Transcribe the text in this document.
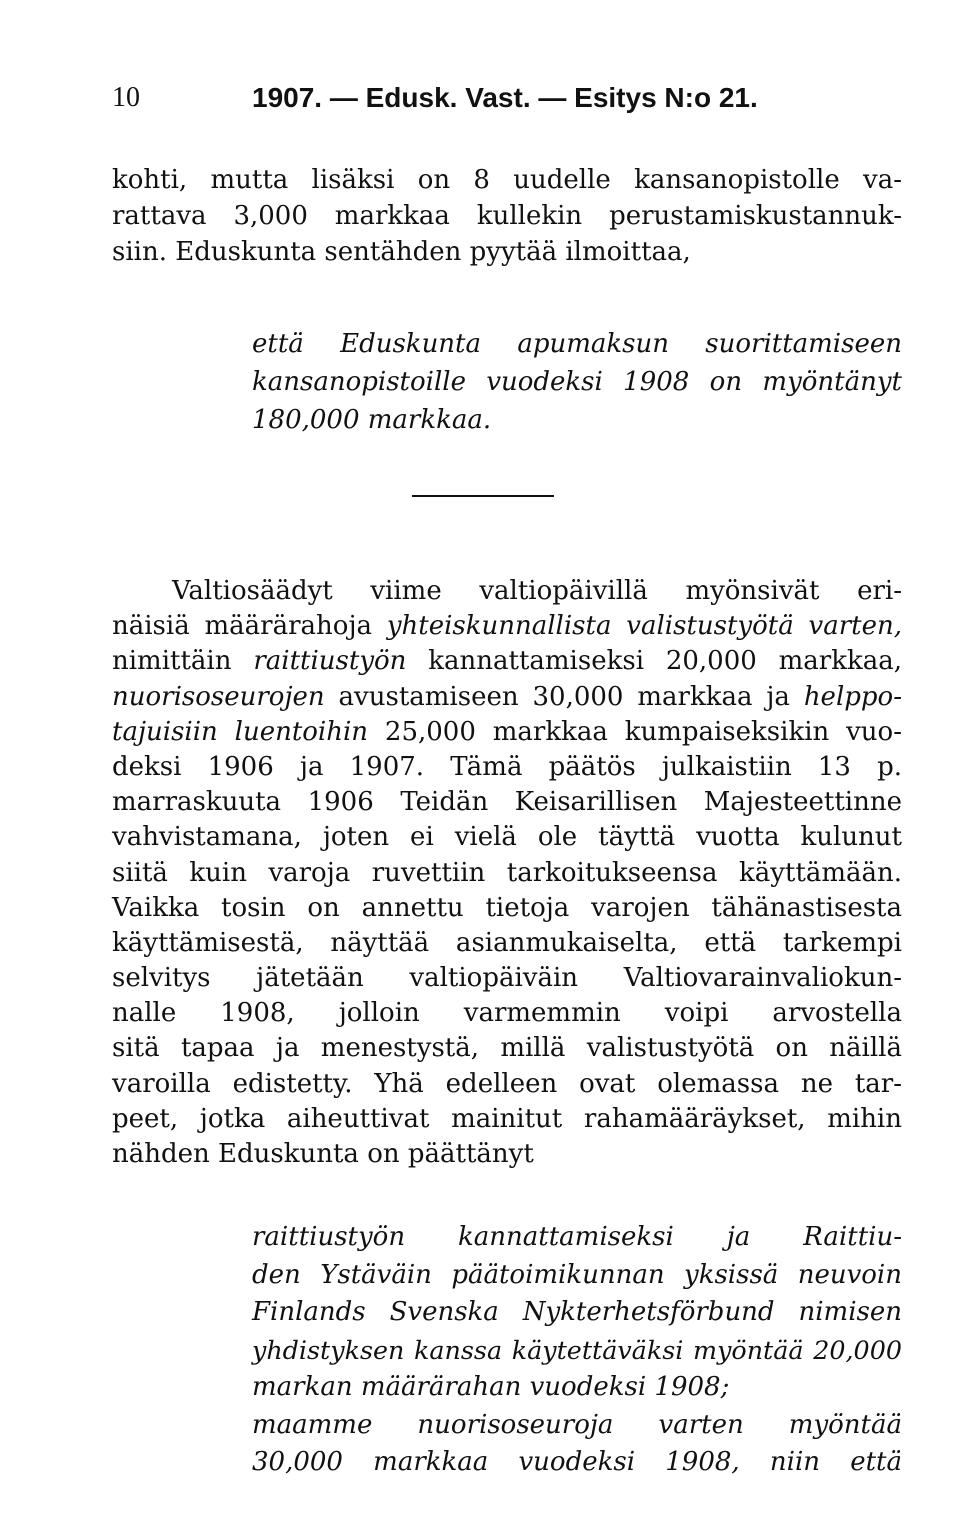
10	1907. — Edusk. Vast. — Esitys N:o 21.
kohti, mutta lisäksi on 8 uudelle kansanopistolle va-
rattava 3,000 markkaa kullekin perustamiskustannuk-
siin. Eduskunta sentähden pyytää ilmoittaa,
että Eduskunta apumaksun suorittamiseen
kansanopistoille vuodeksi 1908 on myöntänyt
180,000 markkaa.
Valtiosäädyt viime valtiopäivillä myönsivät eri-
näisiä määrärahoja yhteiskunnallista valistustyötä varten,
nimittäin raittiustyön kannattamiseksi 20,000 markkaa,
nuorisoseurojen avustamiseen 30,000 markkaa ja helppo-
tajuisiin luentoihin 25,000 markkaa kumpaiseksikin vuo-
deksi 1906 ja 1907. Tämä päätös julkaistiin 13 p.
marraskuuta 1906 Teidän Keisarillisen Majesteettinne
vahvistamana, joten ei vielä ole täyttä vuotta kulunut
siitä kuin varoja ruvettiin tarkoitukseensa käyttämään.
Vaikka tosin on annettu tietoja varojen tähänastisesta
käyttämisestä, näyttää asianmukaiselta, että tarkempi
selvitys jätetään valtiopäiväin Valtiovarainvaliokun-
nalle 1908, jolloin varmemmin voipi arvostella
sitä tapaa ja menestystä, millä valistustyötä on näillä
varoilla edistetty. Yhä edelleen ovat olemassa ne tar-
peet, jotka aiheuttivat mainitut rahamääräykset, mihin
nähden Eduskunta on päättänyt
raittiustyön kannattamiseksi ja Raittiu-
den Ystäväin päätoimikunnan yksissä neuvoin
Finlands Svenska Nykterhetsförbund nimisen
yhdistyksen kanssa käytettäväksi myöntää 20,000
markan määrärahan vuodeksi 1908;
maamme nuorisoseuroja varten myöntää
30,000 markkaa vuodeksi 1908, niin että
